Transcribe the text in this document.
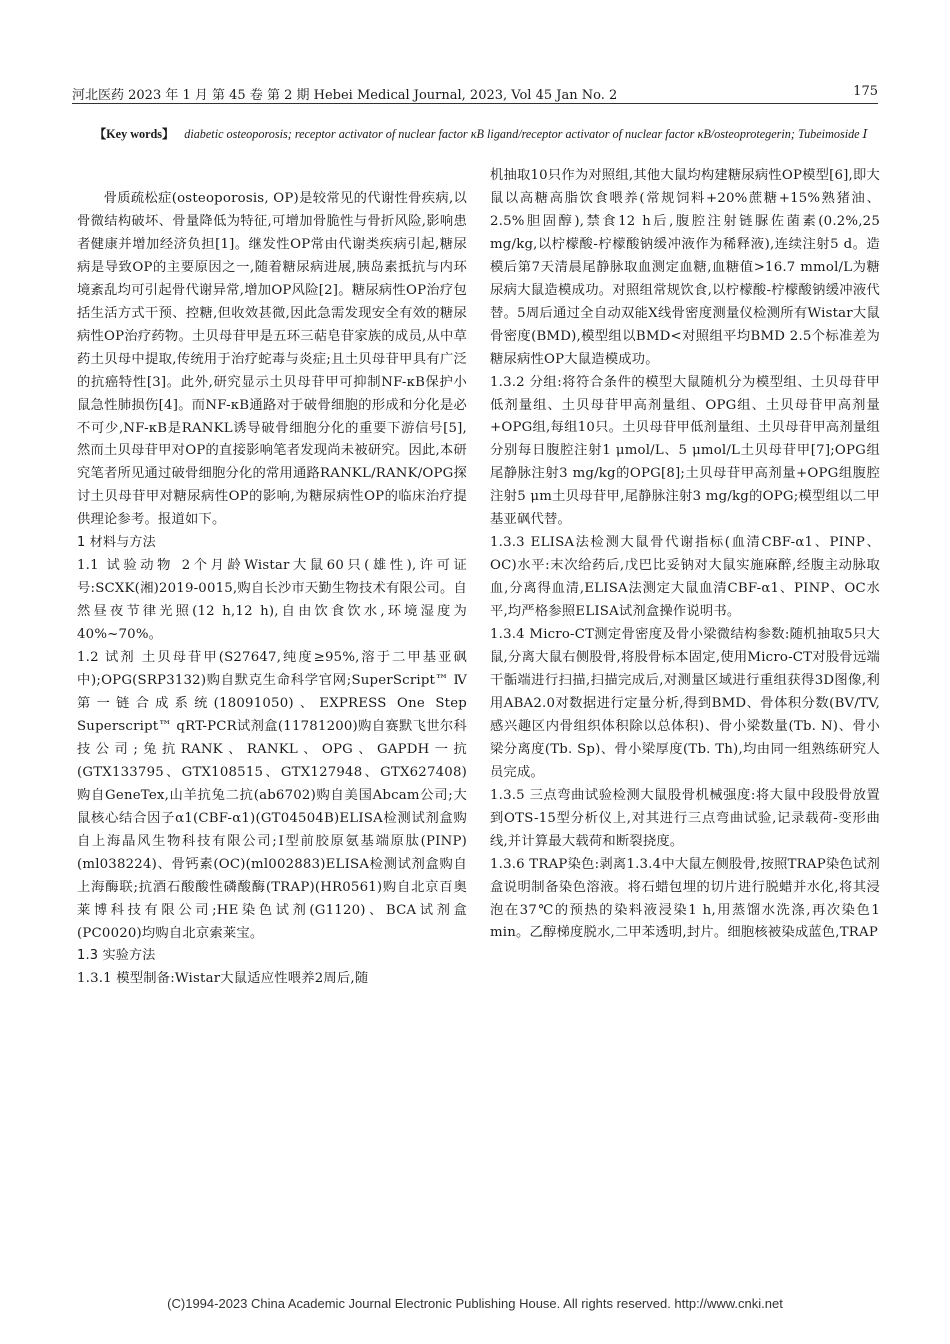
河北医药 2023 年 1 月 第 45 卷 第 2 期 Hebei Medical Journal, 2023, Vol 45 Jan No. 2	175
【Key words】 diabetic osteoporosis; receptor activator of nuclear factor κB ligand/receptor activator of nuclear factor κB/osteoprotegerin; Tubeimoside Ⅰ

骨质疏松症(osteoporosis, OP)是较常见的代谢性骨疾病,以骨微结构破坏、骨量降低为特征,可增加骨脆性与骨折风险,影响患者健康并增加经济负担[1]。继发性OP常由代谢类疾病引起,糖尿病是导致OP的主要原因之一,随着糖尿病进展,胰岛素抵抗与内环境紊乱均可引起骨代谢异常,增加OP风险[2]。糖尿病性OP治疗包括生活方式干预、控糖,但收效甚微,因此急需发现安全有效的糖尿病性OP治疗药物。土贝母苷甲是五环三萜皂苷家族的成员,从中草药土贝母中提取,传统用于治疗蛇毒与炎症;且土贝母苷甲具有广泛的抗癌特性[3]。此外,研究显示土贝母苷甲可抑制NF-κB保护小鼠急性肺损伤[4]。而NF-κB通路对于破骨细胞的形成和分化是必不可少,NF-κB是RANKL诱导破骨细胞分化的重要下游信号[5],然而土贝母苷甲对OP的直接影响笔者发现尚未被研究。因此,本研究笔者所见通过破骨细胞分化的常用通路RANKL/RANK/OPG探讨土贝母苷甲对糖尿病性OP的影响,为糖尿病性OP的临床治疗提供理论参考。报道如下。

1 材料与方法

1.1 试验动物 2个月龄Wistar大鼠60只(雄性),许可证号:SCXK(湘)2019-0015,购自长沙市天勤生物技术有限公司。自然昼夜节律光照(12 h,12 h),自由饮食饮水,环境湿度为40%~70%。

1.2 试剂 土贝母苷甲(S27647,纯度≥95%,溶于二甲基亚砜中);OPG(SRP3132)购自默克生命科学官网;SuperScript™ Ⅳ 第一链合成系统(18091050)、EXPRESS One Step Superscript™ qRT-PCR试剂盒(11781200)购自赛默飞世尔科技公司;兔抗RANK、RANKL、OPG、GAPDH一抗(GTX133795、GTX108515、GTX127948、GTX627408)购自GeneTex,山羊抗兔二抗(ab6702)购自美国Abcam公司;大鼠核心结合因子α1(CBF-α1)(GT04504B)ELISA检测试剂盒购自上海晶风生物科技有限公司;Ⅰ型前胶原氨基端原肽(PINP)(ml038224)、骨钙素(OC)(ml002883)ELISA检测试剂盒购自上海酶联;抗酒石酸酸性磷酸酶(TRAP)(HR0561)购自北京百奥莱博科技有限公司;HE染色试剂(G1120)、BCA试剂盒(PC0020)均购自北京索莱宝。

1.3 实验方法

1.3.1 模型制备:Wistar大鼠适应性喂养2周后,随

机抽取10只作为对照组,其他大鼠均构建糖尿病性OP模型[6],即大鼠以高糖高脂饮食喂养(常规饲料+20%蔗糖+15%熟猪油、2.5%胆固醇),禁食12 h后,腹腔注射链脲佐菌素(0.2%,25 mg/kg,以柠檬酸-柠檬酸钠缓冲液作为稀释液),连续注射5 d。造模后第7天清晨尾静脉取血测定血糖,血糖值>16.7 mmol/L为糖尿病大鼠造模成功。对照组常规饮食,以柠檬酸-柠檬酸钠缓冲液代替。5周后通过全自动双能X线骨密度测量仪检测所有Wistar大鼠骨密度(BMD),模型组以BMD<对照组平均BMD 2.5个标准差为糖尿病性OP大鼠造模成功。

1.3.2 分组:将符合条件的模型大鼠随机分为模型组、土贝母苷甲低剂量组、土贝母苷甲高剂量组、OPG组、土贝母苷甲高剂量+OPG组,每组10只。土贝母苷甲低剂量组、土贝母苷甲高剂量组分别每日腹腔注射1 μmol/L、5 μmol/L土贝母苷甲[7];OPG组尾静脉注射3 mg/kg的OPG[8];土贝母苷甲高剂量+OPG组腹腔注射5 μm土贝母苷甲,尾静脉注射3 mg/kg的OPG;模型组以二甲基亚砜代替。

1.3.3 ELISA法检测大鼠骨代谢指标(血清CBF-α1、PINP、OC)水平:末次给药后,戊巴比妥钠对大鼠实施麻醉,经腹主动脉取血,分离得血清,ELISA法测定大鼠血清CBF-α1、PINP、OC水平,均严格参照ELISA试剂盒操作说明书。

1.3.4 Micro-CT测定骨密度及骨小梁微结构参数:随机抽取5只大鼠,分离大鼠右侧股骨,将股骨标本固定,使用Micro-CT对股骨远端干骺端进行扫描,扫描完成后,对测量区域进行重组获得3D图像,利用ABA2.0对数据进行定量分析,得到BMD、骨体积分数(BV/TV,感兴趣区内骨组织体积除以总体积)、骨小梁数量(Tb. N)、骨小梁分离度(Tb. Sp)、骨小梁厚度(Tb. Th),均由同一组熟练研究人员完成。

1.3.5 三点弯曲试验检测大鼠股骨机械强度:将大鼠中段股骨放置到OTS-15型分析仪上,对其进行三点弯曲试验,记录载荷-变形曲线,并计算最大载荷和断裂挠度。

1.3.6 TRAP染色:剥离1.3.4中大鼠左侧股骨,按照TRAP染色试剂盒说明制备染色溶液。将石蜡包埋的切片进行脱蜡并水化,将其浸泡在37℃的预热的染料液浸染1 h,用蒸馏水洗涤,再次染色1 min。乙醇梯度脱水,二甲苯透明,封片。细胞核被染成蓝色,TRAP

(C)1994-2023 China Academic Journal Electronic Publishing House. All rights reserved. http://www.cnki.net
